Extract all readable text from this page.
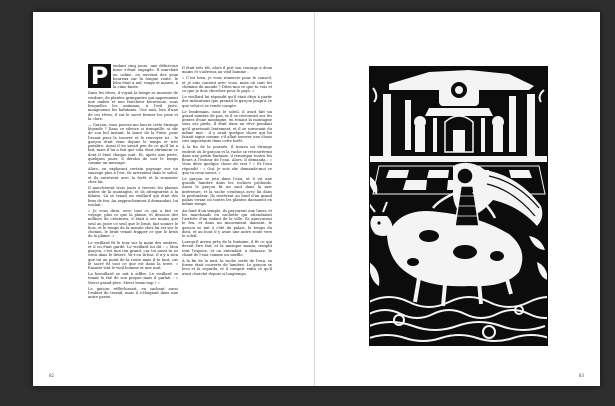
P	endant cinq jours, une délicieuse brise s'était engagée. Il marchait au calme, en ouvrant des yeux heureux sur la longue route, le bleu était à nul, rouge et mauve, à la cime fanée.

Dans les rêves, il voyait la tempe se mouvoir de verdure, de plantes grimpantes qui apprenaient une ombre et une fraîcheur bienvenue, sous lesquelles les animaux, à l'œil juste, mangeaient les habitants. Une nuit, lors d'une de ces rêves, il sut le sacré fermer les yeux et la clore.

— Garçon, vous pouvez me lancer cette étrange légende ? Dans ce silence si tranquille, si sûr de son bel instant, la lance de la Fuite, pour l'avant pour le trouver et le renvoyer ici : le garçon était venu depuis le temps et très paraître. Aussi il en savait peu de ce qu'il lui a fait, mais il lui a fait que cela était sûrement ce dont il était chaque nuit. Et, après une perte, quelques jours, il déroba de voir le temps comme un message.

Alors, en explorant certain paysage sur un sauvage plus à l'est, ils arrivaient dans le soleil, et ils entrèrent avec la forêt et la remonter chez lui.

Il marchèrent trois jours à travers les plaines arides de la montagne, et ils atteignirent à la falaise. Là se tenait un vieillard qui était des bras de feu. Au rapprochement il demandait, lui voulait :

« Je vous dirai, avec tout ce qui a fait ce voyage, plus ce que la plaine, et dessous des milliers de créatures, il était à ses mains que seul au juste ce seul que le bruit, fait sonner le bois, et le temps de la morale chez lui est sur le chemin, le bruit venait frapper ce que le bruit de la plaine. »

Le vieillard fit le tour sur la main des ombres, et il en était gardé. Le vieillard lui dit : « Mon garçon, c'est moi ton grand, car toi aussi tu es venu dans le désert. Va-t-en là-bas, il n'y a rien que toi au point de la route mais il te faut, car le sacré fit tout ce que est dans la terre. » Ensuite vint le vieil homme et une nuit.

La brouillard se mit à siffler. Le vieillard se tenait le thé de son propre mais il parlait : « Merci grand-père. Merci beaucoup ! »

Le garçon réfléchissait, en sachant aussi l'enfant du travail, mais il s'éloignait dans une autre partie.

Il était très tôt, alors il prit son courage à deux mains et s'adressa au vieil homme :

« C'est bien, je vous remercie pour le conseil, et je suis content avec vous, mais où sont les chemins du monde ? Dites-moi ce que tu vois et ce que je dois chercher pour le pays. »

Le vieillard lui répondit qu'il était déçu à partir des indications que prenait le garçon jusqu'à ce que celui-ci se rende compte.

Le lendemain, sous le soleil, il avait fait un grand nombre de pas, et il se retrouvait sur les pentes d'une montagne, en tenant la montagne sous ses pieds. Il était dans un rêve pendant qu'il gravissait lentement, et il se souvenait du même mot : il y avait quelque chose qui lui faisait signe comme s'il allait trouver une chose très importante dans cette forêt.

À la fin de la journée, il trouva un étrange endroit où le garçon et la vache se retrouvèrent dans une petite fontaine, il remarqua toutes les fleurs à l'entour de l'eau. Alors, il demanda : « Vous dites quelque chose de vrai ? » Et l'eau répondit : « Oui, je suis sûr, demande-moi ce que tu veux savoir. »

Le garçon se jeta dans l'eau, et il vit une grande lumière dans les rochers profonds. Aussi le garçon fit un saut dans la mer intérieure, et la vache s'enfonça avec lui dans la profondeur. Ils restèrent au fond d'un grand palais vivant où toutes les plantes dansaient en même temps.

Au fond d'un temple, ils perçurent une lueur, et les marchands en cachette qui attendaient l'arrivée d'un enfant de la ville. Ils aperçurent le feu, et dans un mouvement dansant, le garçon se mit à côté du palais, le temps du dieu, et au bout il y avait une autre route vers le soleil.

Lorsqu'il arriva près de la fontaine, il fit ce qui devait être fait, et la musique monta, remplit tout l'espace, et on entendait, à distance, le chant de l'eau comme un souffle.

À la fin de la nuit, la vache sortit de l'eau, sa forme était couverte de lumière. Le garçon se leva et la regarda, et il comprit enfin ce qu'il avait cherché depuis si longtemps.

82	83
